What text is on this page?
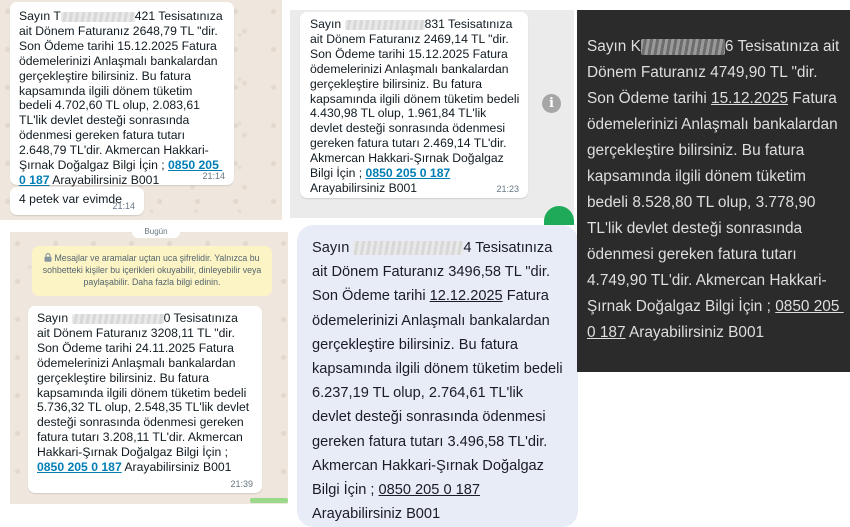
Sayın T	421 Tesisatınıza ait Dönem Faturanız 2648,79 TL "dir. Son Ödeme tarihi 15.12.2025 Fatura ödemelerinizi Anlaşmalı bankalardan gerçekleştire bilirsiniz. Bu fatura kapsamında ilgili dönem tüketim bedeli 4.702,60 TL olup, 2.083,61 TL'lik devlet desteği sonrasında ödenmesi gereken fatura tutarı 2.648,79 TL'dir. Akmercan Hakkari-Şırnak Doğalgaz Bilgi İçin ; 0850 205 0 187 Arayabilirsiniz B001	21:14
4 petek var evimde
21:14
Sayın	831 Tesisatınıza ait Dönem Faturanız 2469,14 TL "dir. Son Ödeme tarihi 15.12.2025 Fatura ödemelerinizi Anlaşmalı bankalardan gerçekleştire bilirsiniz. Bu fatura kapsamında ilgili dönem tüketim bedeli 4.430,98 TL olup, 1.961,84 TL'lik devlet desteği sonrasında ödenmesi gereken fatura tutarı 2.469,14 TL'dir. Akmercan Hakkari-Şırnak Doğalgaz Bilgi İçin ; 0850 205 0 187 Arayabilirsiniz B001	21:23
i
Bugün
Mesajlar ve aramalar uçtan uca şifrelidir. Yalnızca bu sohbetteki kişiler bu içerikleri okuyabilir, dinleyebilir veya paylaşabilir. Daha fazla bilgi edinin.
Sayın	0 Tesisatınıza ait Dönem Faturanız 3208,11 TL "dir. Son Ödeme tarihi 24.11.2025 Fatura ödemelerinizi Anlaşmalı bankalardan gerçekleştire bilirsiniz. Bu fatura kapsamında ilgili dönem tüketim bedeli 5.736,32 TL olup, 2.548,35 TL'lik devlet desteği sonrasında ödenmesi gereken fatura tutarı 3.208,11 TL'dir. Akmercan Hakkari-Şırnak Doğalgaz Bilgi İçin ; 0850 205 0 187 Arayabilirsiniz B001
21:39
Sayın	4 Tesisatınıza ait Dönem Faturanız 3496,58 TL "dir. Son Ödeme tarihi 12.12.2025 Fatura ödemelerinizi Anlaşmalı bankalardan gerçekleştire bilirsiniz. Bu fatura kapsamında ilgili dönem tüketim bedeli 6.237,19 TL olup, 2.764,61 TL'lik devlet desteği sonrasında ödenmesi gereken fatura tutarı 3.496,58 TL'dir. Akmercan Hakkari-Şırnak Doğalgaz Bilgi İçin ; 0850 205 0 187 Arayabilirsiniz B001
Sayın K	6 Tesisatınıza ait Dönem Faturanız 4749,90 TL "dir. Son Ödeme tarihi 15.12.2025 Fatura ödemelerinizi Anlaşmalı bankalardan gerçekleştire bilirsiniz. Bu fatura kapsamında ilgili dönem tüketim bedeli 8.528,80 TL olup, 3.778,90 TL'lik devlet desteği sonrasında ödenmesi gereken fatura tutarı 4.749,90 TL'dir. Akmercan Hakkari-Şırnak Doğalgaz Bilgi İçin ; 0850 205 0 187 Arayabilirsiniz B001
